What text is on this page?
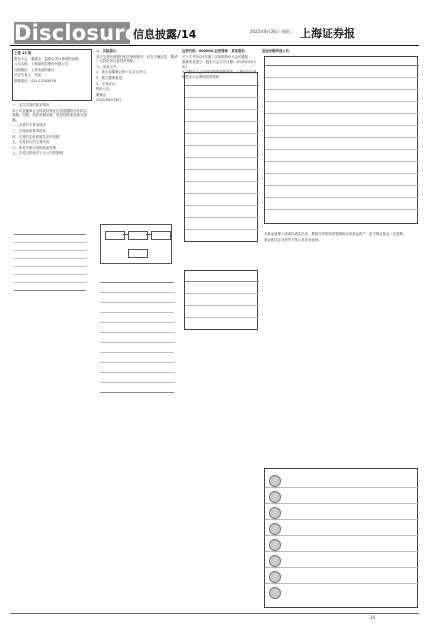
Disclosure
信息披露/14	2025年8月26日 星期二 上海证券报
上接 13 版
股东大会、董事会、监事会决议事项的说明
公司名称：上海某科技股份有限公司
注册地址：上海市浦东新区
法定代表人：张某
联系电话：021-12345678
一、本次交易的基本情况
本公司及董事会全体成员保证信息披露的内容真实、准确、完整，没有虚假记载、误导性陈述或重大遗漏。
二、交易对方基本情况
三、交易标的基本情况
四、交易的定价政策及定价依据
五、交易协议的主要内容
六、涉及关联交易的其他安排
七、交易目的和对上市公司的影响
八、风险提示
本次交易尚需履行相关审批程序，存在不确定性，敬请广大投资者注意投资风险。
九、备查文件
1、第五届董事会第十次会议决议；
2、独立董事意见；
3、交易协议。
特此公告。
董事会
2025年8月26日
证券代码：600000 证券简称：某某股份
关于召开2025年第二次临时股东大会的通知
重要内容提示：股东大会召开日期：2025年9月10日
本次股东大会采用的网络投票系统：上海证券交易所股东大会网络投票系统
基金份额净值公告
本基金管理人承诺以诚实信用、勤勉尽责的原则管理和运用基金资产，但不保证基金一定盈利。
基金的过往业绩并不预示其未来表现。
14
